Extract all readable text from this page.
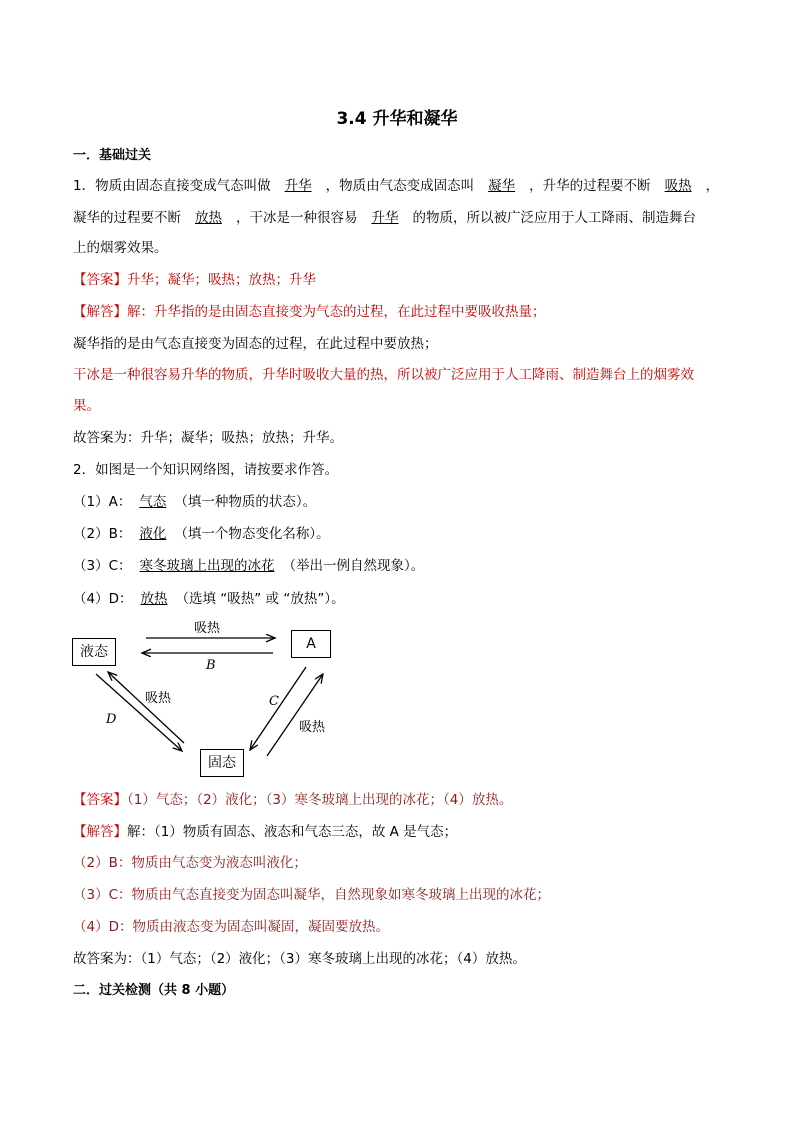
3.4 升华和凝华
一．基础过关
1．物质由固态直接变成气态叫做 升华 ，物质由气态变成固态叫 凝华 ，升华的过程要不断 吸热 ，
凝华的过程要不断 放热 ，干冰是一种很容易 升华 的物质，所以被广泛应用于人工降雨、制造舞台
上的烟雾效果。
【答案】升华；凝华；吸热；放热；升华
【解答】解：升华指的是由固态直接变为气态的过程，在此过程中要吸收热量；
凝华指的是由气态直接变为固态的过程，在此过程中要放热；
干冰是一种很容易升华的物质，升华时吸收大量的热，所以被广泛应用于人工降雨、制造舞台上的烟雾效
果。
故答案为：升华；凝华；吸热；放热；升华。
2．如图是一个知识网络图，请按要求作答。
（1）A： 气态 （填一种物质的状态）。
（2）B： 液化 （填一个物态变化名称）。
（3）C： 寒冬玻璃上出现的冰花 （举出一例自然现象）。
（4）D： 放热 （选填 “吸热” 或 “放热”）。
液态	A
固态
吸热
B
吸热
D
C
吸热
【答案】（1）气态；（2）液化；（3）寒冬玻璃上出现的冰花；（4）放热。
【解答】解：（1）物质有固态、液态和气态三态，故 A 是气态；
（2）B：物质由气态变为液态叫液化；
（3）C：物质由气态直接变为固态叫凝华，自然现象如寒冬玻璃上出现的冰花；
（4）D：物质由液态变为固态叫凝固，凝固要放热。
故答案为：（1）气态；（2）液化；（3）寒冬玻璃上出现的冰花；（4）放热。
二．过关检测（共 8 小题）
